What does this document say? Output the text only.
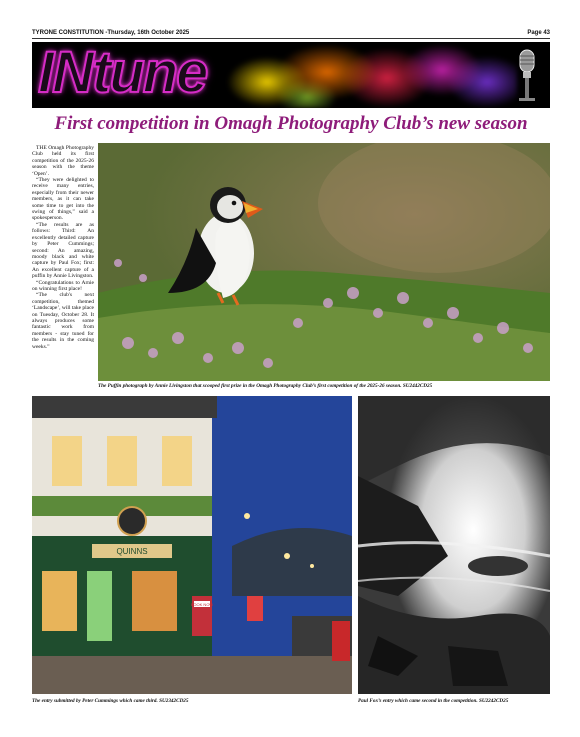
TYRONE CONSTITUTION -Thursday, 16th October 2025	Page 43
INtune
First competition in Omagh Photography Club’s new season

THE Omagh Photography Club held its first competition of the 2025-26 season with the theme ‘Open’.

“They were delighted to receive many entries, especially from their newer members, as it can take some time to get into the swing of things,” said a spokesperson.

“The results are as follows: Third: An excellently detailed capture by Peter Cummings; second: An amazing, moody black and white capture by Paul Fox; first: An excellent capture of a puffin by Annie Livingston.

“Congratulations to Arnie on winning first place!

“The club's next competition, themed ‘Landscape’, will take place on Tuesday, October 28. It always produces some fantastic work from members - stay tuned for the results in the coming weeks.”

The Puffin photograph by Annie Livingston that scooped first prize in the Omagh Photography Club’s first competition of the 2025-26 season. SU2442CD25
QUINNS
BOOK NOW
The entry submitted by Peter Cummings which came third. SU2342CD25	Paul Fox’s entry which came second in the competition. SU2242CD25
